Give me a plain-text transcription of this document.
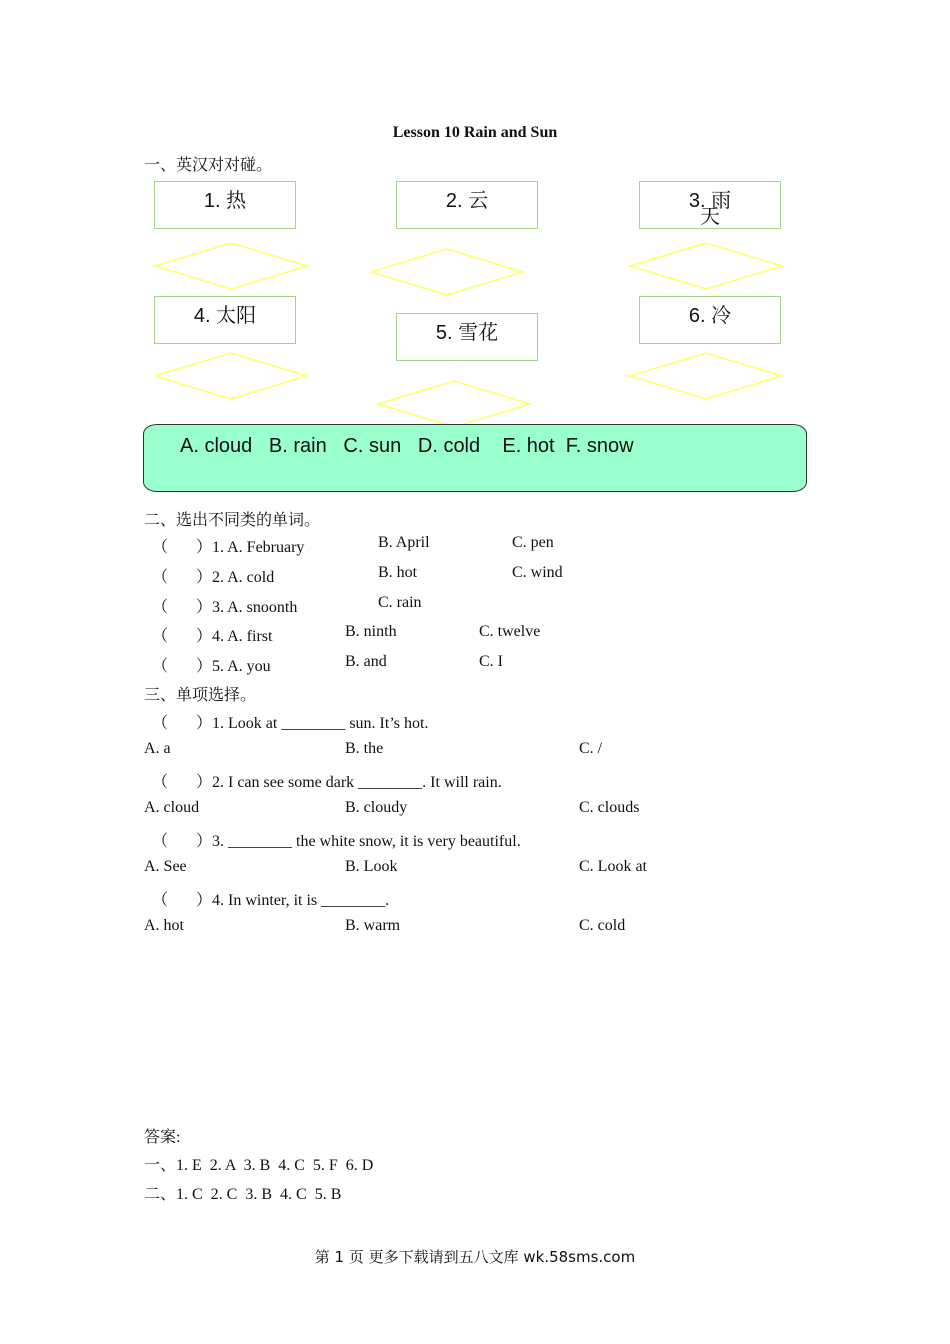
Lesson 10 Rain and Sun
一、英汉对对碰。
1. 热	2. 云	3. 雨
天
4. 太阳
5. 雪花
6. 冷
A. cloud   B. rain   C. sun   D. cold    E. hot  F. snow
二、选出不同类的单词。
（ ）1. A. February	B. April	C. pen
（ ）2. A. cold	B. hot	C. wind
（ ）3. A. snoonth	C. rain
（ ）4. A. first	B. ninth	C. twelve
（ ）5. A. you	B. and	C. I
三、单项选择。
（ ）1. Look at ________ sun. It’s hot.
A. a	B. the	C. /
（ ）2. I can see some dark ________. It will rain.
A. cloud	B. cloudy	C. clouds
（ ）3. ________ the white snow, it is very beautiful.
A. See	B. Look	C. Look at
（ ）4. In winter, it is ________.
A. hot	B. warm	C. cold
答案:
一、1. E  2. A  3. B  4. C  5. F  6. D
二、1. C  2. C  3. B  4. C  5. B
第 1 页 更多下载请到五八文库 wk.58sms.com
